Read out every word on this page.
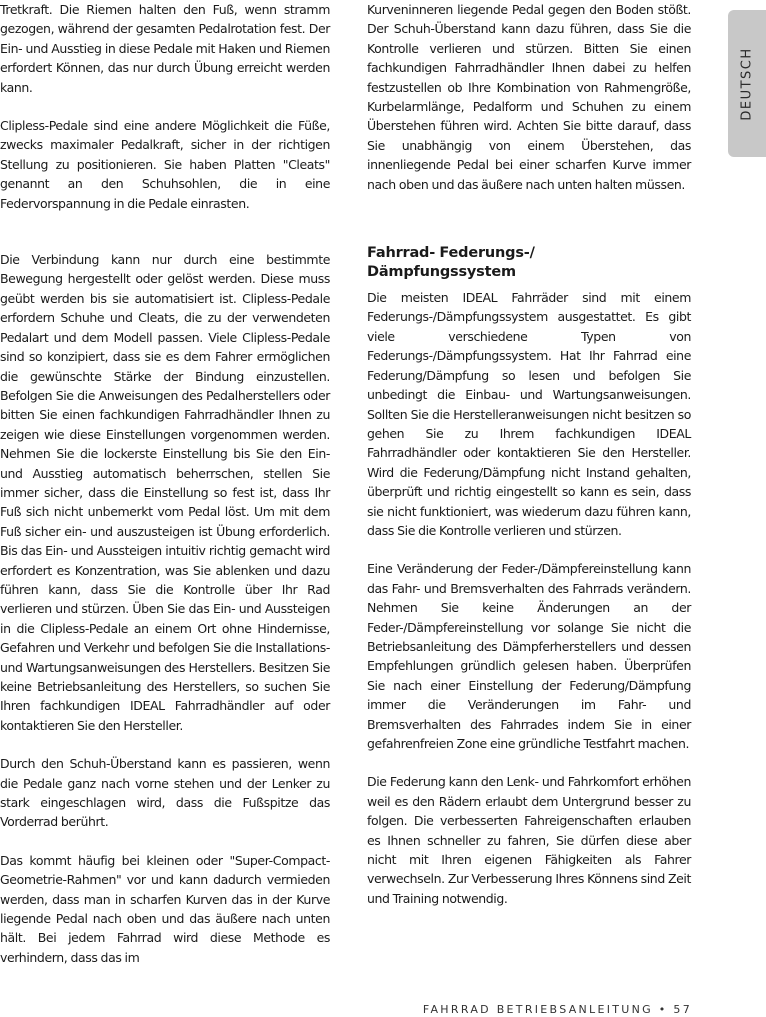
Tretkraft. Die Riemen halten den Fuß, wenn stramm gezogen, während der gesamten Pedalrotation fest. Der Ein- und Ausstieg in diese Pedale mit Haken und Riemen erfordert Können, das nur durch Übung erreicht werden kann.

Clipless-Pedale sind eine andere Möglichkeit die Füße, zwecks maximaler Pedalkraft, sicher in der richtigen Stellung zu positionieren. Sie haben Platten "Cleats" genannt an den Schuhsohlen, die in eine Federvorspannung in die Pedale einrasten.

Die Verbindung kann nur durch eine bestimmte Bewegung hergestellt oder gelöst werden. Diese muss geübt werden bis sie automatisiert ist. Clipless-Pedale erfordern Schuhe und Cleats, die zu der verwendeten Pedalart und dem Modell passen. Viele Clipless-Pedale sind so konzipiert, dass sie es dem Fahrer ermöglichen die gewünschte Stärke der Bindung einzustellen. Befolgen Sie die Anweisungen des Pedalherstellers oder bitten Sie einen fachkundigen Fahrradhändler Ihnen zu zeigen wie diese Einstellungen vorgenommen werden. Nehmen Sie die lockerste Einstellung bis Sie den Ein- und Ausstieg automatisch beherrschen, stellen Sie immer sicher, dass die Einstellung so fest ist, dass Ihr Fuß sich nicht unbemerkt vom Pedal löst. Um mit dem Fuß sicher ein- und auszusteigen ist Übung erforderlich. Bis das Ein- und Aussteigen intuitiv richtig gemacht wird erfordert es Konzentration, was Sie ablenken und dazu führen kann, dass Sie die Kontrolle über Ihr Rad verlieren und stürzen. Üben Sie das Ein- und Aussteigen in die Clipless-Pedale an einem Ort ohne Hindernisse, Gefahren und Verkehr und befolgen Sie die Installations- und Wartungsanweisungen des Herstellers. Besitzen Sie keine Betriebsanleitung des Herstellers, so suchen Sie Ihren fachkundigen IDEAL Fahrradhändler auf oder kontaktieren Sie den Hersteller.

Durch den Schuh-Überstand kann es passieren, wenn die Pedale ganz nach vorne stehen und der Lenker zu stark eingeschlagen wird, dass die Fußspitze das Vorderrad berührt.

Das kommt häufig bei kleinen oder "Super-Compact-Geometrie-Rahmen" vor und kann dadurch vermieden werden, dass man in scharfen Kurven das in der Kurve liegende Pedal nach oben und das äußere nach unten hält. Bei jedem Fahrrad wird diese Methode es verhindern, dass das im

Kurveninneren liegende Pedal gegen den Boden stößt. Der Schuh-Überstand kann dazu führen, dass Sie die Kontrolle verlieren und stürzen. Bitten Sie einen fachkundigen Fahrradhändler Ihnen dabei zu helfen festzustellen ob Ihre Kombination von Rahmengröße, Kurbelarmlänge, Pedalform und Schuhen zu einem Überstehen führen wird. Achten Sie bitte darauf, dass Sie unabhängig von einem Überstehen, das innenliegende Pedal bei einer scharfen Kurve immer nach oben und das äußere nach unten halten müssen.

Fahrrad- Federungs-/

Dämpfungssystem

Die meisten IDEAL Fahrräder sind mit einem Federungs-/Dämpfungssystem ausgestattet. Es gibt viele verschiedene Typen von Federungs-/Dämpfungssystem. Hat Ihr Fahrrad eine Federung/Dämpfung so lesen und befolgen Sie unbedingt die Einbau- und Wartungsanweisungen. Sollten Sie die Herstelleranweisungen nicht besitzen so gehen Sie zu Ihrem fachkundigen IDEAL Fahrradhändler oder kontaktieren Sie den Hersteller. Wird die Federung/Dämpfung nicht Instand gehalten, überprüft und richtig eingestellt so kann es sein, dass sie nicht funktioniert, was wiederum dazu führen kann, dass Sie die Kontrolle verlieren und stürzen.

Eine Veränderung der Feder-/Dämpfereinstellung kann das Fahr- und Bremsverhalten des Fahrrads verändern. Nehmen Sie keine Änderungen an der Feder-/Dämpfereinstellung vor solange Sie nicht die Betriebsanleitung des Dämpferherstellers und dessen Empfehlungen gründlich gelesen haben. Überprüfen Sie nach einer Einstellung der Federung/Dämpfung immer die Veränderungen im Fahr- und Bremsverhalten des Fahrrades indem Sie in einer gefahrenfreien Zone eine gründliche Testfahrt machen.

Die Federung kann den Lenk- und Fahrkomfort erhöhen weil es den Rädern erlaubt dem Untergrund besser zu folgen. Die verbesserten Fahreigenschaften erlauben es Ihnen schneller zu fahren, Sie dürfen diese aber nicht mit Ihren eigenen Fähigkeiten als Fahrer verwechseln. Zur Verbesserung Ihres Könnens sind Zeit und Training notwendig.

DEUTSCH
FAHRRAD BETRIEBSANLEITUNG • 57
